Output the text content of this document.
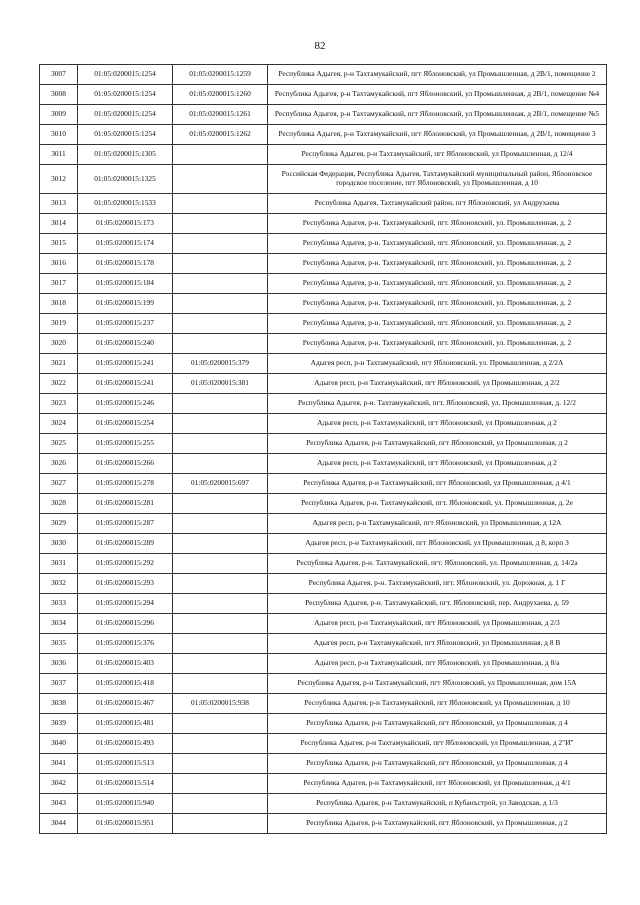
82
3007	01:05:0200015:1254	01:05:0200015:1259	Республика Адыгея, р-н Тахтамукайский, пгт Яблоновский, ул Промышленная, д 2В/1, помещение 2
3008	01:05:0200015:1254	01:05:0200015:1260	Республика Адыгея, р-н Тахтамукайский, пгт Яблоновский, ул Промышленная, д 2В/1, помещение №4
3009	01:05:0200015:1254	01:05:0200015:1261	Республика Адыгея, р-н Тахтамукайский, пгт Яблоновский, ул Промышленная, д 2В/1, помещение №5
3010	01:05:0200015:1254	01:05:0200015:1262	Республика Адыгея, р-н Тахтамукайский, пгт Яблоновский, ул Промышленная, д 2В/1, помещение 3
3011	01:05:0200015:1305		Республика Адыгея, р-н Тахтамукайский, пгт Яблоновский, ул Промышленная, д 12/4
3012	01:05:0200015:1325		Российская Федерация, Республика Адыгея, Тахтамукайский муниципальный район, Яблоновское городское поселение, пгт Яблоновский, ул Промышленная, д 10
3013	01:05:0200015:1533		Республика Адыгея, Тахтамукайский район, пгт Яблоновский, ул Андрухаева
3014	01:05:0200015:173		Республика Адыгея, р-н. Тахтамукайский, пгт. Яблоновский, ул. Промышленная, д. 2
3015	01:05:0200015:174		Республика Адыгея, р-н. Тахтамукайский, пгт. Яблоновский, ул. Промышленная, д. 2
3016	01:05:0200015:178		Республика Адыгея, р-н. Тахтамукайский, пгт. Яблоновский, ул. Промышленная, д. 2
3017	01:05:0200015:184		Республика Адыгея, р-н. Тахтамукайский, пгт. Яблоновский, ул. Промышленная, д. 2
3018	01:05:0200015:199		Республика Адыгея, р-н. Тахтамукайский, пгт. Яблоновский, ул. Промышленная, д. 2
3019	01:05:0200015:237		Республика Адыгея, р-н. Тахтамукайский, пгт. Яблоновский, ул. Промышленная, д. 2
3020	01:05:0200015:240		Республика Адыгея, р-н. Тахтамукайский, пгт. Яблоновский, ул. Промышленная, д. 2
3021	01:05:0200015:241	01:05:0200015:379	Адыгея респ, р-н Тахтамукайский, пгт Яблоновский, ул. Промышленная, д 2/2А
3022	01:05:0200015:241	01:05:0200015:381	Адыгея респ, р-н Тахтамукайский, пгт Яблоновский, ул Промышленная, д 2/2
3023	01:05:0200015:246		Республика Адыгея, р-н. Тахтамукайский, пгт. Яблоновский, ул. Промышленная, д. 12/2
3024	01:05:0200015:254		Адыгея респ, р-н Тахтамукайский, пгт Яблоновский, ул Промышленная, д 2
3025	01:05:0200015:255		Республика Адыгея, р-н Тахтамукайский, пгт Яблоновский, ул Промышленная, д 2
3026	01:05:0200015:266		Адыгея респ, р-н Тахтамукайский, пгт Яблоновский, ул Промышленная, д 2
3027	01:05:0200015:278	01:05:0200015:697	Республика Адыгея, р-н Тахтамукайский, пгт Яблоновский, ул Промышленная, д 4/1
3028	01:05:0200015:281		Республика Адыгея, р-н. Тахтамукайский, пгт. Яблоновский, ул. Промышленная, д. 2е
3029	01:05:0200015:287		Адыгея респ, р-н Тахтамукайский, пгт Яблоновский, ул Промышленная, д 12А
3030	01:05:0200015:289		Адыгея респ, р-н Тахтамукайский, пгт Яблоновский, ул Промышленная, д 8, корп 3
3031	01:05:0200015:292		Республика Адыгея, р-н. Тахтамукайский, пгт. Яблоновский, ул. Промышленная, д. 14/2а
3032	01:05:0200015:293		Республика Адыгея, р-н. Тахтамукайский, пгт. Яблоновский, ул. Дорожная, д. 1 Г
3033	01:05:0200015:294		Республика Адыгея, р-н. Тахтамукайский, пгт. Яблоновский, пер. Андрухаева, д. 59
3034	01:05:0200015:296		Адыгея респ, р-н Тахтамукайский, пгт Яблоновский, ул Промышленная, д 2/3
3035	01:05:0200015:376		Адыгея респ, р-н Тахтамукайский, пгт Яблоновский, ул Промышленная, д 8 В
3036	01:05:0200015:403		Адыгея респ, р-н Тахтамукайский, пгт Яблоновский, ул Промышленная, д 8/а
3037	01:05:0200015:418		Республика Адыгея, р-н Тахтамукайский, пгт Яблоновский, ул Промышленная, дом 15А
3038	01:05:0200015:467	01:05:0200015:938	Республика Адыгея, р-н Тахтамукайский, пгт Яблоновский, ул Промышленная, д 10
3039	01:05:0200015:481		Республика Адыгея, р-н Тахтамукайский, пгт Яблоновский, ул Промышленная, д 4
3040	01:05:0200015:493		Республика Адыгея, р-н Тахтамукайский, пгт Яблоновский, ул Промышленная, д 2"И"
3041	01:05:0200015:513		Республика Адыгея, р-н Тахтамукайский, пгт Яблоновский, ул Промышленная, д 4
3042	01:05:0200015:514		Республика Адыгея, р-н Тахтамукайский, пгт Яблоновский, ул Промышленная, д 4/1
3043	01:05:0200015:940		Республика Адыгея, р-н Тахтамукайский, п Кубанъстрой, ул Заводская, д 1/3
3044	01:05:0200015:951		Республика Адыгея, р-н Тахтамукайский, пгт Яблоновский, ул Промышленная, д 2
